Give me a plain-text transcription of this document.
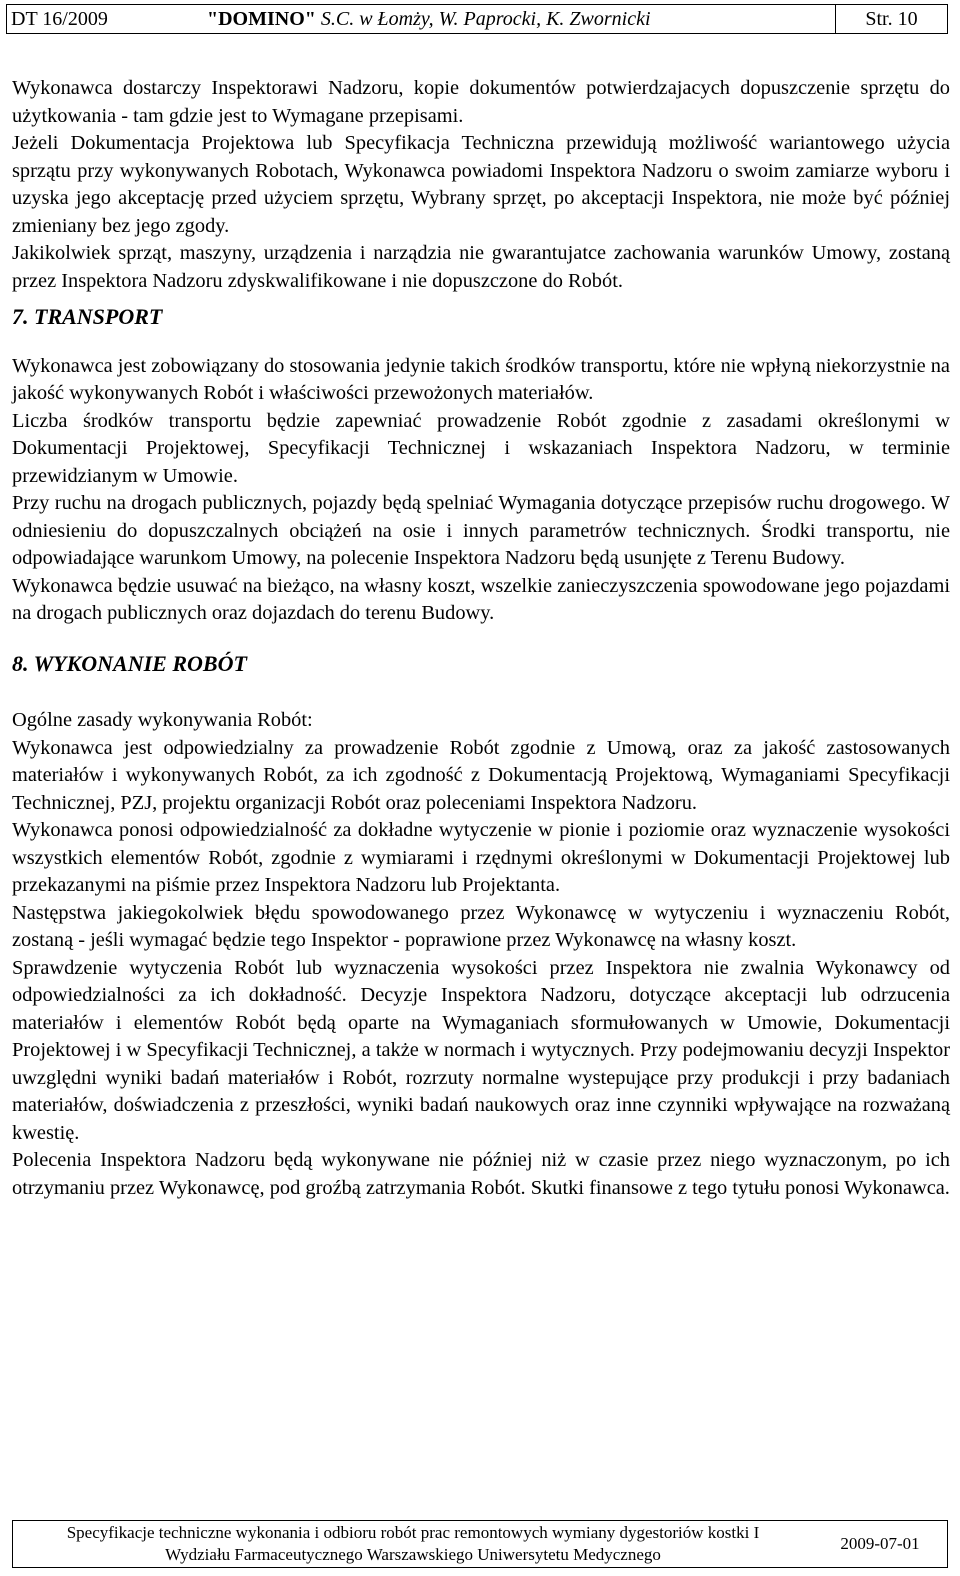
DT 16/2009	"DOMINO" S.C. w Łomży, W. Paprocki, K. Zwornicki	Str. 10

Wykonawca dostarczy Inspektorawi Nadzoru, kopie dokumentów potwierdzajacych dopuszczenie sprzętu do użytkowania - tam gdzie jest to Wymagane przepisami.

Jeżeli Dokumentacja Projektowa lub Specyfikacja Techniczna przewidują możliwość wariantowego użycia sprzątu przy wykonywanych Robotach, Wykonawca powiadomi Inspektora Nadzoru o swoim zamiarze wyboru i uzyska jego akceptację przed użyciem sprzętu, Wybrany sprzęt, po akceptacji Inspektora, nie może być później zmieniany bez jego zgody.

Jakikolwiek sprząt, maszyny, urządzenia i narządzia nie gwarantujatce zachowania warunków Umowy, zostaną przez Inspektora Nadzoru zdyskwalifikowane i nie dopuszczone do Robót.

7. TRANSPORT

Wykonawca jest zobowiązany do stosowania jedynie takich środków transportu, które nie wpłyną niekorzystnie na jakość wykonywanych Robót i właściwości przewożonych materiałów.

Liczba środków transportu będzie zapewniać prowadzenie Robót zgodnie z zasadami określonymi w Dokumentacji Projektowej, Specyfikacji Technicznej i wskazaniach Inspektora Nadzoru, w terminie przewidzianym w Umowie.

Przy ruchu na drogach publicznych, pojazdy będą spelniać Wymagania dotyczące przepisów ruchu drogowego. W odniesieniu do dopuszczalnych obciążeń na osie i innych parametrów technicznych. Środki transportu, nie odpowiadające warunkom Umowy, na polecenie Inspektora Nadzoru będą usunjęte z Terenu Budowy.

Wykonawca będzie usuwać na bieżąco, na własny koszt, wszelkie zanieczyszczenia spowodowane jego pojazdami na drogach publicznych oraz dojazdach do terenu Budowy.

8. WYKONANIE ROBÓT

Ogólne zasady wykonywania Robót:

Wykonawca jest odpowiedzialny za prowadzenie Robót zgodnie z Umową, oraz za jakość zastosowanych materiałów i wykonywanych Robót, za ich zgodność z Dokumentacją Projektową, Wymaganiami Specyfikacji Technicznej, PZJ, projektu organizacji Robót oraz poleceniami Inspektora Nadzoru.

Wykonawca ponosi odpowiedzialność za dokładne wytyczenie w pionie i poziomie oraz wyznaczenie wysokości wszystkich elementów Robót, zgodnie z wymiarami i rzędnymi określonymi w Dokumentacji Projektowej lub przekazanymi na piśmie przez Inspektora Nadzoru lub Projektanta.

Następstwa jakiegokolwiek błędu spowodowanego przez Wykonawcę w wytyczeniu i wyznaczeniu Robót, zostaną - jeśli wymagać będzie tego Inspektor - poprawione przez Wykonawcę na własny koszt.

Sprawdzenie wytyczenia Robót lub wyznaczenia wysokości przez Inspektora nie zwalnia Wykonawcy od odpowiedzialności za ich dokładność. Decyzje Inspektora Nadzoru, dotyczące akceptacji lub odrzucenia materiałów i elementów Robót będą oparte na Wymaganiach sformułowanych w Umowie, Dokumentacji Projektowej i w Specyfikacji Technicznej, a także w normach i wytycznych. Przy podejmowaniu decyzji Inspektor uwzględni wyniki badań materiałów i Robót, rozrzuty normalne wystepujące przy produkcji i przy badaniach materiałów, doświadczenia z przeszłości, wyniki badań naukowych oraz inne czynniki wpływające na rozważaną kwestię.

Polecenia Inspektora Nadzoru będą wykonywane nie później niż w czasie przez niego wyznaczonym, po ich otrzymaniu przez Wykonawcę, pod groźbą zatrzymania Robót. Skutki finansowe z tego tytułu ponosi Wykonawca.

Specyfikacje techniczne wykonania i odbioru robót prac remontowych wymiany dygestoriów kostki I
Wydziału Farmaceutycznego Warszawskiego Uniwersytetu Medycznego
2009-07-01
